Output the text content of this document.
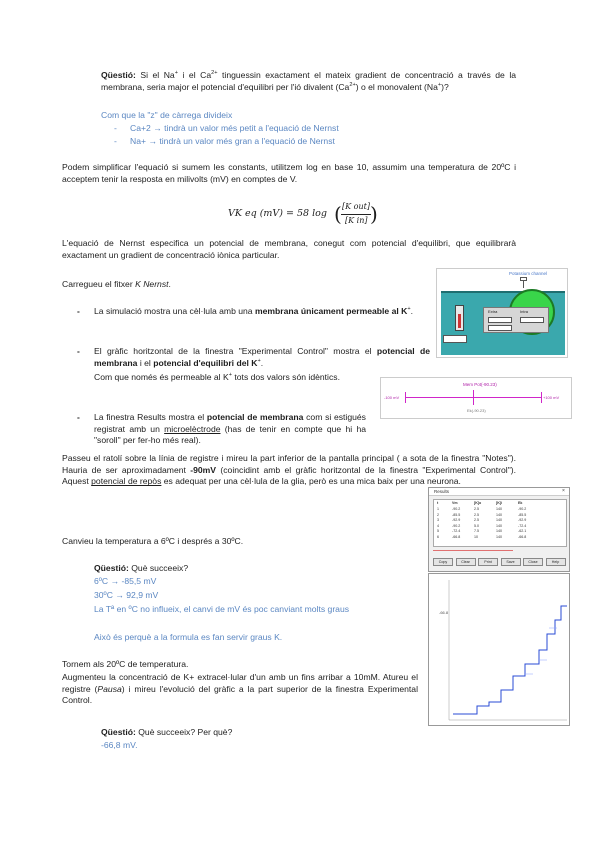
Qüestió: Si el Na+ i el $Ca^{2+}$ tinguessin exactament el mateix gradient de concentració a través de la membrana, seria major el potencial d'equilibri per l'ió divalent $(Ca^{2+})$ o el monovalent (Na+)?
Com que la "z" de càrrega divideix
- Ca+2 → tindrà un valor més petit a l'equació de Nernst
- Na+ → tindrà un valor més gran a l'equació de Nernst
Podem simplificar l'equació si sumem les constants, utilitzem log en base 10, assumim una temperatura de 20ºC i acceptem tenir la resposta en milivolts (mV) en comptes de V.
VK eq (mV) = 58 log ( [K out]
[K in] )
L'equació de Nernst especifica un potencial de membrana, conegut com potencial d'equilibri, que equilibrarà exactament un gradient de concentració iònica particular.
Carregueu el fitxer K Nernst.
- La simulació mostra una cèl·lula amb una membrana únicament permeable al K+.
- El gràfic horitzontal de la finestra "Experimental Control" mostra el potencial de membrana i el potencial d'equilibri del K+.
Com que només és permeable al K+ tots dos valors són idèntics.
- La finestra Results mostra el potencial de membrana com si estigués registrat amb un microelèctrode (has de tenir en compte que hi ha "soroll" per fer-ho més real).
Passeu el ratolí sobre la línia de registre i mireu la part inferior de la pantalla principal ( a sota de la finestra "Notes"). Hauria de ser aproximadament -90mV (coincidint amb el gràfic horitzontal de la finestra "Experimental Control"). Aquest potencial de repòs es adequat per una cèl·lula de la glia, però es una mica baix per una neurona.
Canvieu la temperatura a 6ºC i després a 30ºC.
Qüestió: Què succeeix?
6ºC → -85,5 mV
30ºC → 92,9 mV
La Tª en ºC no influeix, el canvi de mV és poc canviant molts graus
Això és perquè a la formula es fan servir graus K.
Tornem als 20ºC de temperatura.
Augmenteu la concentració de K+ extracel·lular d'un amb un fins arribar a 10mM. Atureu el registre (Pausa) i mireu l'evolució del gràfic a la part superior de la finestra Experimental Control.
Qüestió: Què succeeix? Per què?
-66,8 mV.
Potassium channel
Extra	Intra
Mem Pot(-90.23)
-100 mV	+100 mV
Ek(-90.23)
Results	×
t	Vm	[K]o	[K]i	Ek
1	-90.2	2.5	140	-90.2
2	-85.5	2.5	140	-85.5
3	-92.9	2.5	140	-92.9
4	-90.2	5.0	140	-72.4
5	-72.4	7.5	140	-62.1
6	-66.8	10	140	-66.8
Copy	Clear	Print	Save	Close	Help
-66.8
